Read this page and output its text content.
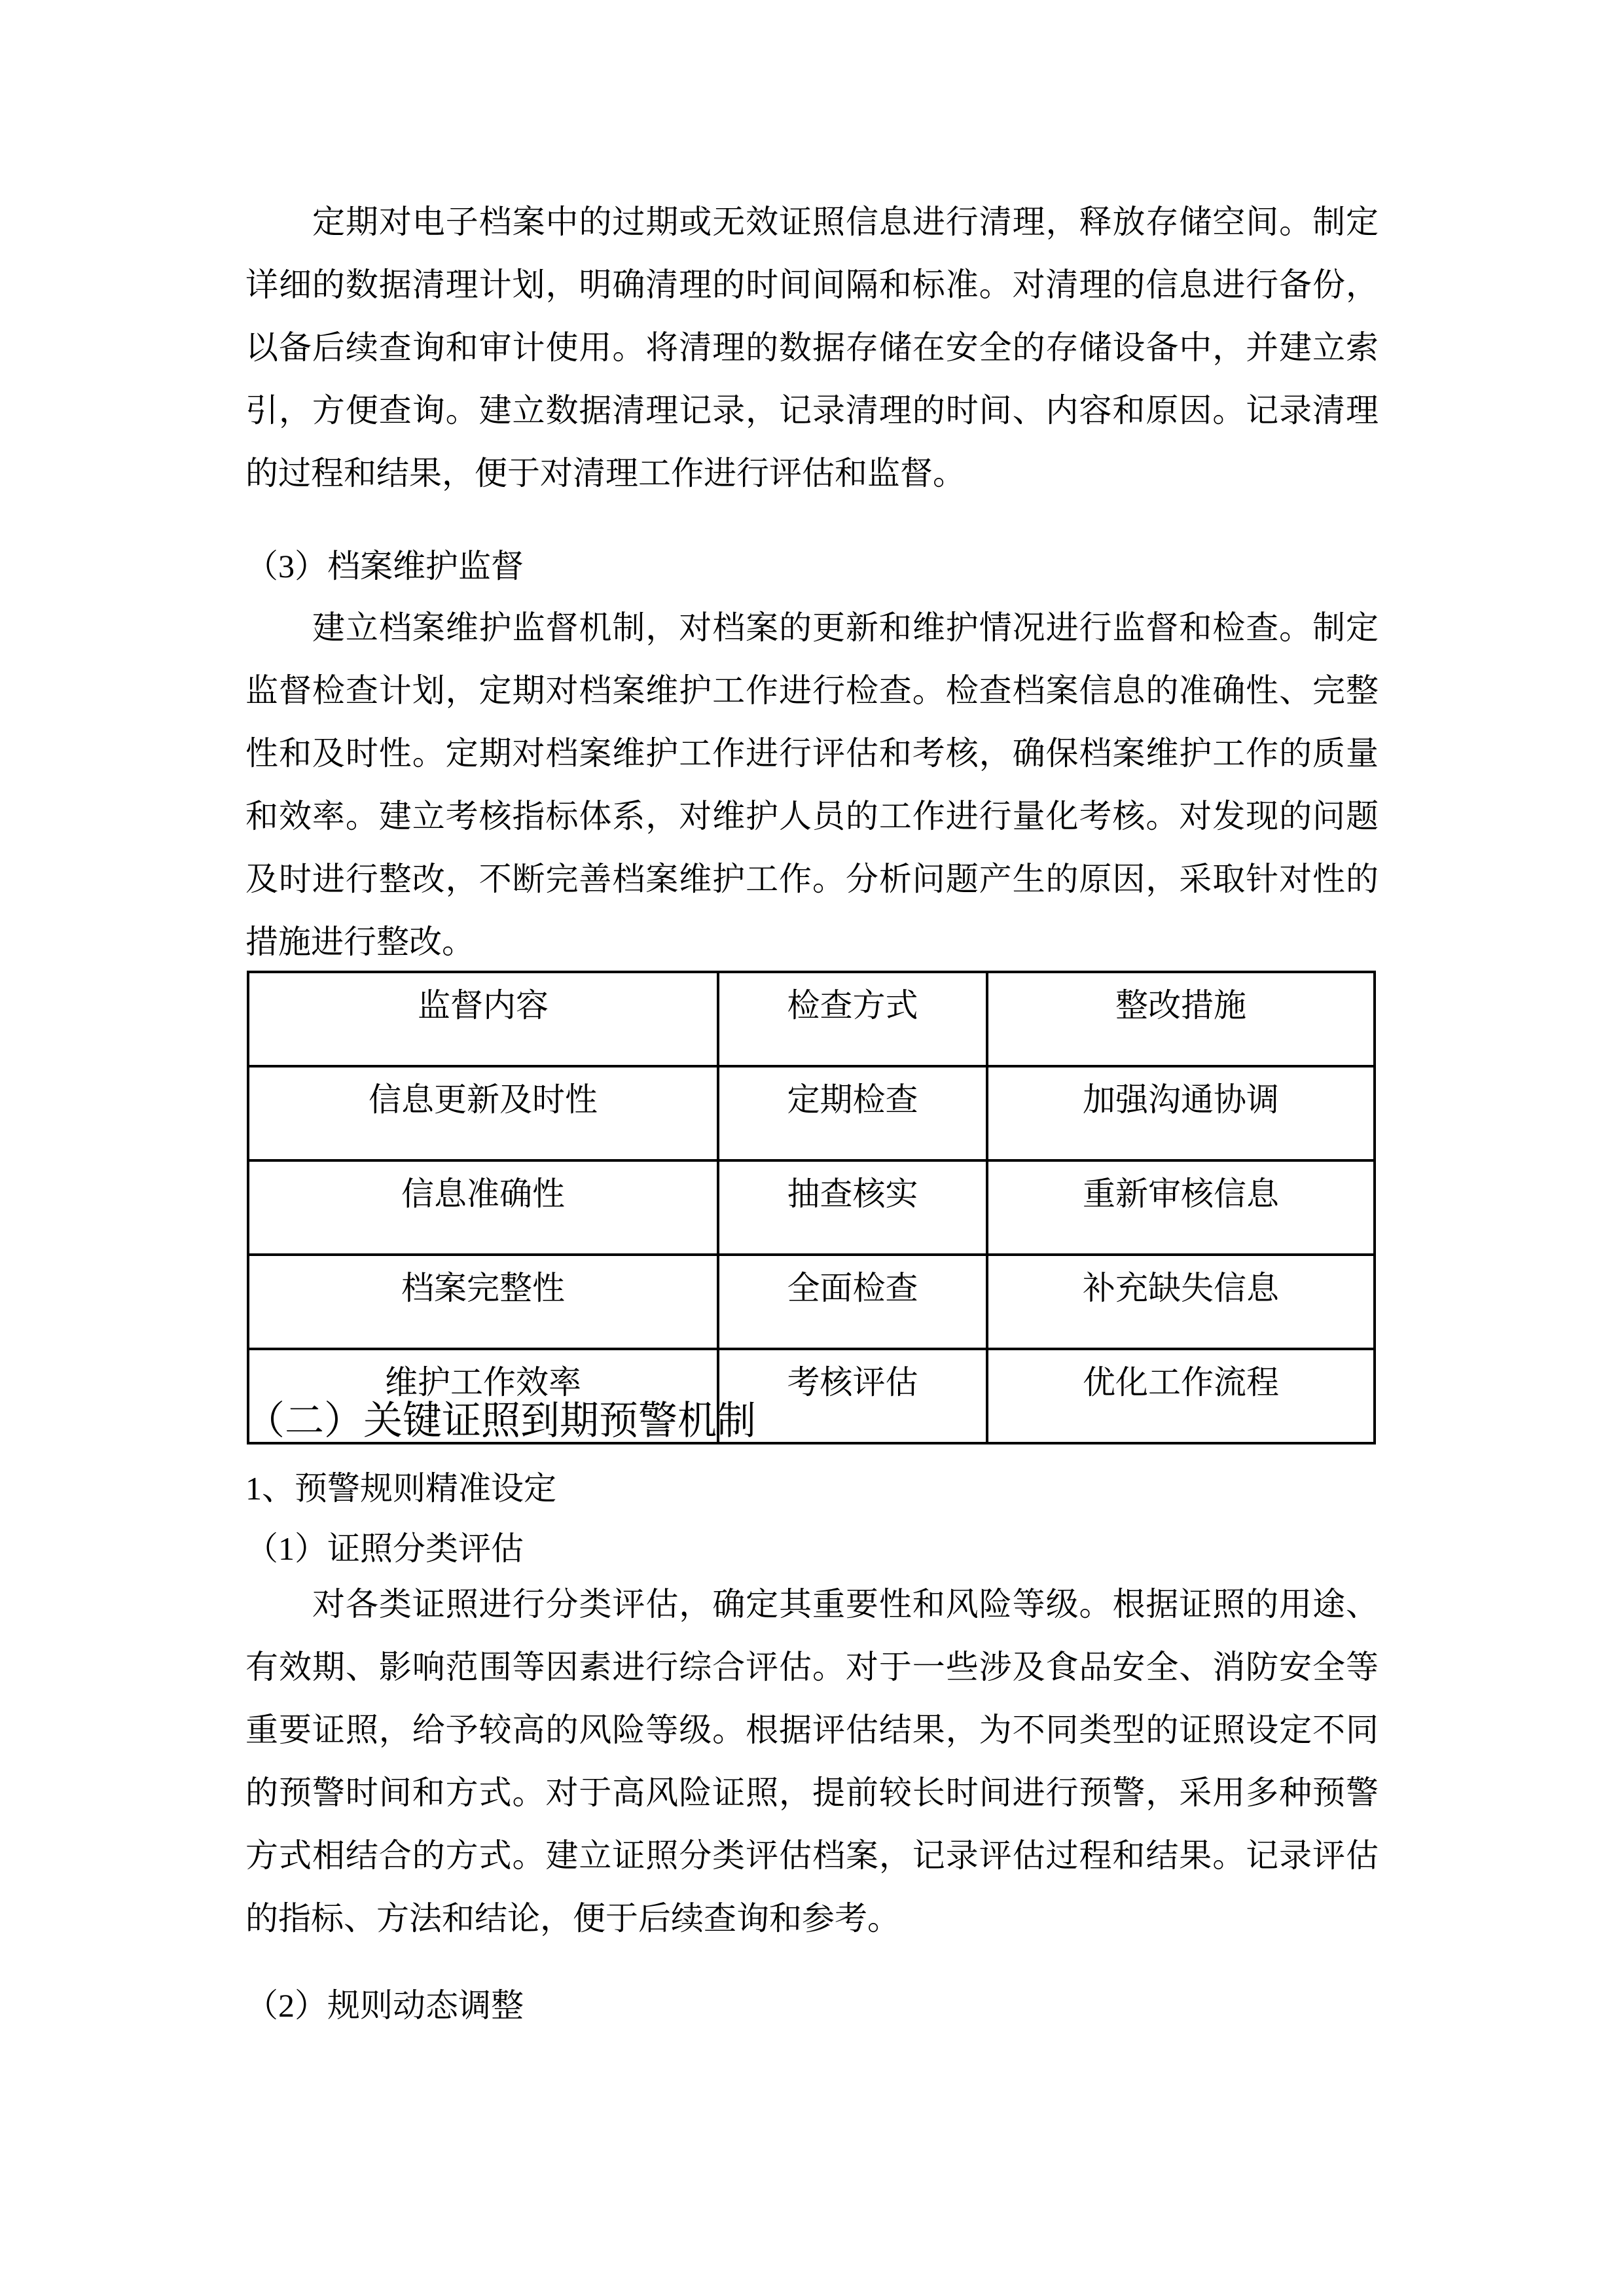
定期对电子档案中的过期或无效证照信息进行清理，释放存储空间。制定
详细的数据清理计划，明确清理的时间间隔和标准。对清理的信息进行备份，
以备后续查询和审计使用。将清理的数据存储在安全的存储设备中，并建立索
引，方便查询。建立数据清理记录，记录清理的时间、内容和原因。记录清理
的过程和结果，便于对清理工作进行评估和监督。
（3）档案维护监督
建立档案维护监督机制，对档案的更新和维护情况进行监督和检查。制定
监督检查计划，定期对档案维护工作进行检查。检查档案信息的准确性、完整
性和及时性。定期对档案维护工作进行评估和考核，确保档案维护工作的质量
和效率。建立考核指标体系，对维护人员的工作进行量化考核。对发现的问题
及时进行整改，不断完善档案维护工作。分析问题产生的原因，采取针对性的
措施进行整改。
监督内容	检查方式	整改措施
信息更新及时性	定期检查	加强沟通协调
信息准确性	抽查核实	重新审核信息
档案完整性	全面检查	补充缺失信息
维护工作效率	考核评估	优化工作流程
（二）关键证照到期预警机制
1、预警规则精准设定
（1）证照分类评估
对各类证照进行分类评估，确定其重要性和风险等级。根据证照的用途、
有效期、影响范围等因素进行综合评估。对于一些涉及食品安全、消防安全等
重要证照，给予较高的风险等级。根据评估结果，为不同类型的证照设定不同
的预警时间和方式。对于高风险证照，提前较长时间进行预警，采用多种预警
方式相结合的方式。建立证照分类评估档案，记录评估过程和结果。记录评估
的指标、方法和结论，便于后续查询和参考。
（2）规则动态调整
